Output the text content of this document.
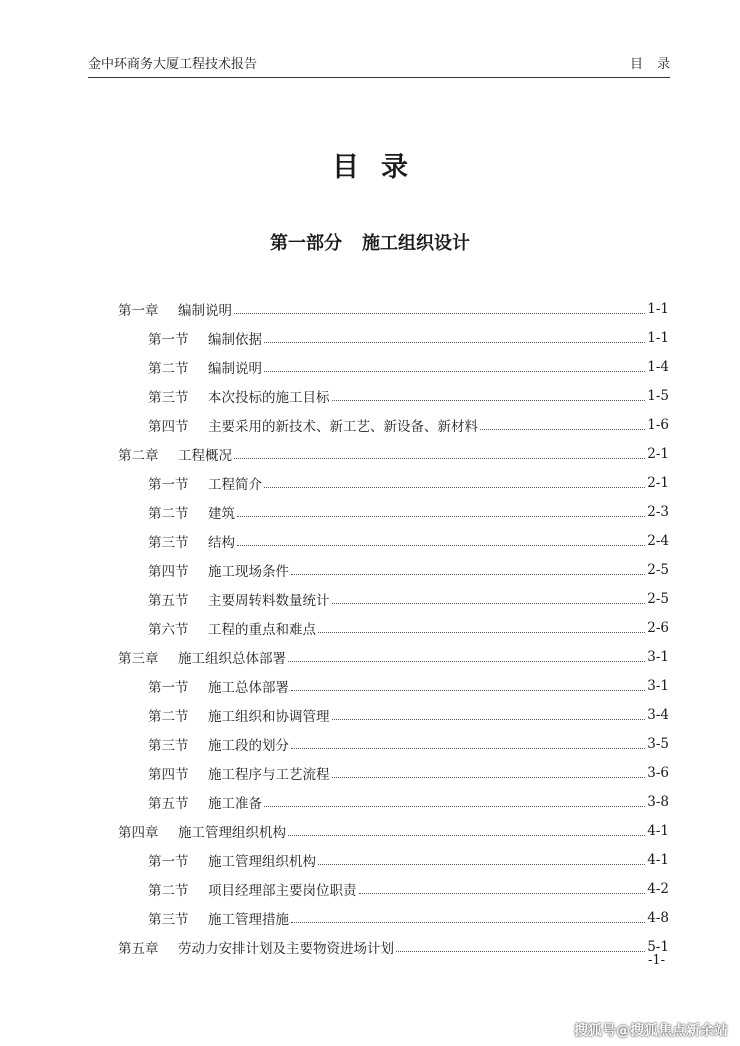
金中环商务大厦工程技术报告	目录
目录
第一部分 施工组织设计
第一章 编制说明	1-1
第一节 编制依据	1-1
第二节 编制说明	1-4
第三节 本次投标的施工目标	1-5
第四节 主要采用的新技术、新工艺、新设备、新材料	1-6
第二章 工程概况	2-1
第一节 工程简介	2-1
第二节 建筑	2-3
第三节 结构	2-4
第四节 施工现场条件	2-5
第五节 主要周转料数量统计	2-5
第六节 工程的重点和难点	2-6
第三章 施工组织总体部署	3-1
第一节 施工总体部署	3-1
第二节 施工组织和协调管理	3-4
第三节 施工段的划分	3-5
第四节 施工程序与工艺流程	3-6
第五节 施工准备	3-8
第四章 施工管理组织机构	4-1
第一节 施工管理组织机构	4-1
第二节 项目经理部主要岗位职责	4-2
第三节 施工管理措施	4-8
第五章 劳动力安排计划及主要物资进场计划	5-1
-1-
搜狐号@搜狐焦点新余站
